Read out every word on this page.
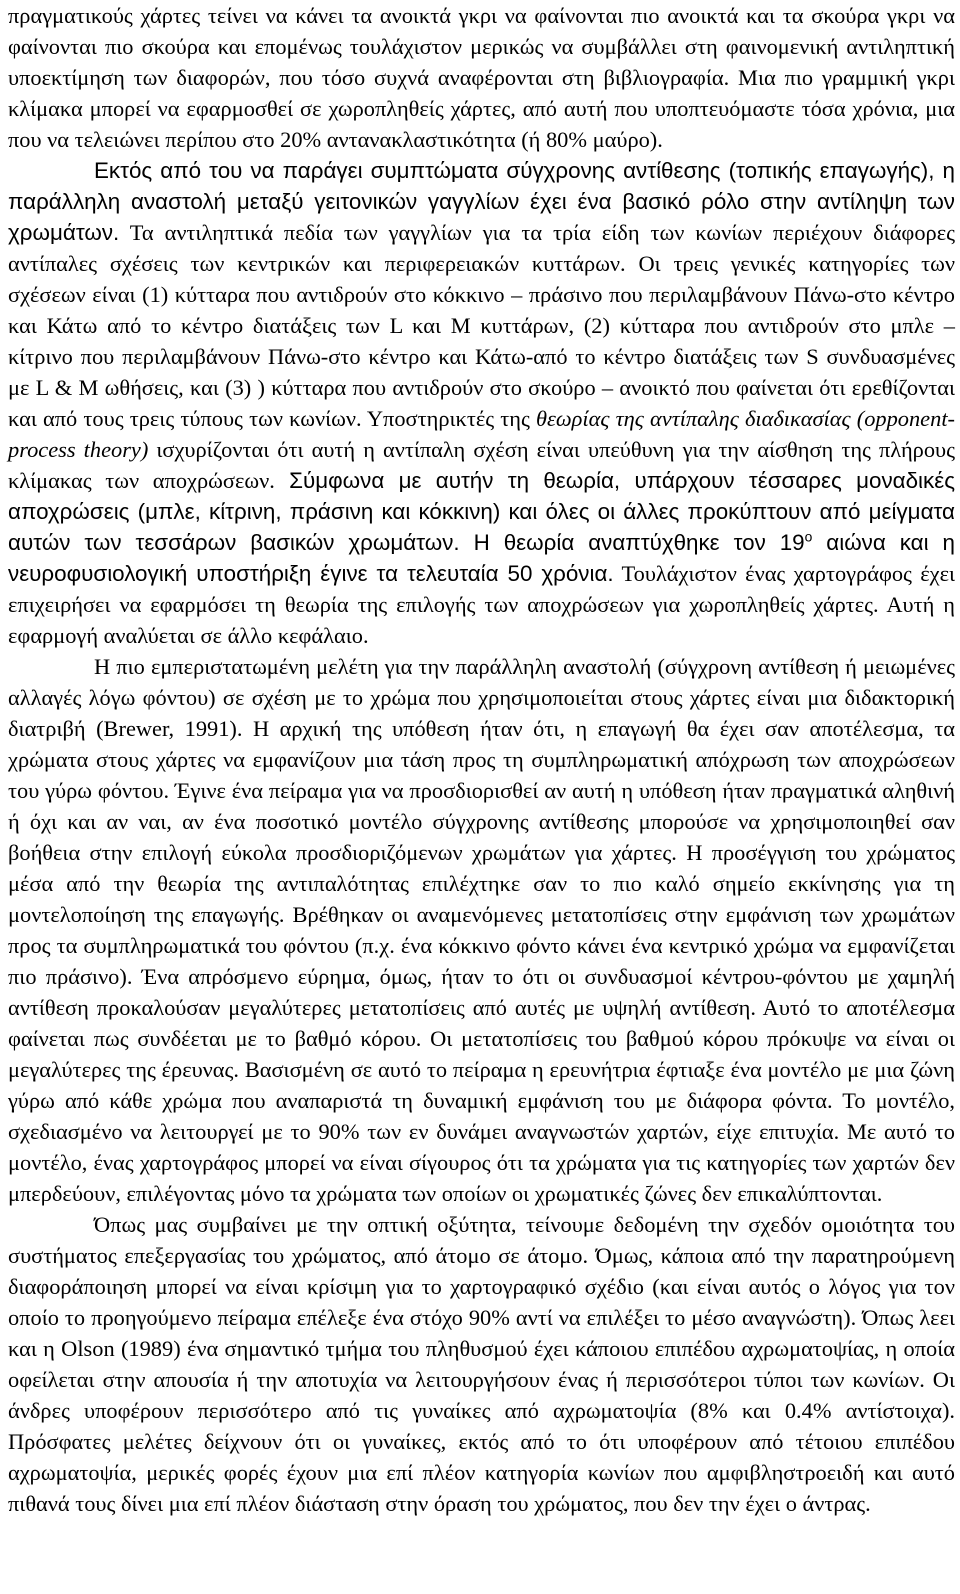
πραγματικούς χάρτες τείνει να κάνει τα ανοικτά γκρι να φαίνονται πιο ανοικτά και τα σκούρα γκρι να φαίνονται πιο σκούρα και επομένως τουλάχιστον μερικώς να συμβάλλει στη φαινομενική αντιληπτική υποεκτίμηση των διαφορών, που τόσο συχνά αναφέρονται στη βιβλιογραφία. Μια πιο γραμμική γκρι κλίμακα μπορεί να εφαρμοσθεί σε χωροπληθείς χάρτες, από αυτή που υποπτευόμαστε τόσα χρόνια, μια που να τελειώνει περίπου στο 20% αντανακλαστικότητα (ή 80% μαύρο).

Εκτός από του να παράγει συμπτώματα σύγχρονης αντίθεσης (τοπικής επαγωγής), η παράλληλη αναστολή μεταξύ γειτονικών γαγγλίων έχει ένα βασικό ρόλο στην αντίληψη των χρωμάτων. Τα αντιληπτικά πεδία των γαγγλίων για τα τρία είδη των κωνίων περιέχουν διάφορες αντίπαλες σχέσεις των κεντρικών και περιφερειακών κυττάρων. Οι τρεις γενικές κατηγορίες των σχέσεων είναι (1) κύτταρα που αντιδρούν στο κόκκινο – πράσινο που περιλαμβάνουν Πάνω-στο κέντρο και Κάτω από το κέντρο διατάξεις των L και M κυττάρων, (2) κύτταρα που αντιδρούν στο μπλε – κίτρινο που περιλαμβάνουν Πάνω-στο κέντρο και Κάτω-από το κέντρο διατάξεις των S συνδυασμένες με L & M ωθήσεις, και (3) ) κύτταρα που αντιδρούν στο σκούρο – ανοικτό που φαίνεται ότι ερεθίζονται και από τους τρεις τύπους των κωνίων. Υποστηρικτές της θεωρίας της αντίπαλης διαδικασίας (opponent-process theory) ισχυρίζονται ότι αυτή η αντίπαλη σχέση είναι υπεύθυνη για την αίσθηση της πλήρους κλίμακας των αποχρώσεων. Σύμφωνα με αυτήν τη θεωρία, υπάρχουν τέσσαρες μοναδικές αποχρώσεις (μπλε, κίτρινη, πράσινη και κόκκινη) και όλες οι άλλες προκύπτουν από μείγματα αυτών των τεσσάρων βασικών χρωμάτων. Η θεωρία αναπτύχθηκε τον $19^o$ αιώνα και η νευροφυσιολογική υποστήριξη έγινε τα τελευταία 50 χρόνια. Τουλάχιστον ένας χαρτογράφος έχει επιχειρήσει να εφαρμόσει τη θεωρία της επιλογής των αποχρώσεων για χωροπληθείς χάρτες. Αυτή η εφαρμογή αναλύεται σε άλλο κεφάλαιο.

Η πιο εμπεριστατωμένη μελέτη για την παράλληλη αναστολή (σύγχρονη αντίθεση ή μειωμένες αλλαγές λόγω φόντου) σε σχέση με το χρώμα που χρησιμοποιείται στους χάρτες είναι μια διδακτορική διατριβή (Brewer, 1991). Η αρχική της υπόθεση ήταν ότι, η επαγωγή θα έχει σαν αποτέλεσμα, τα χρώματα στους χάρτες να εμφανίζουν μια τάση προς τη συμπληρωματική απόχρωση των αποχρώσεων του γύρω φόντου. Έγινε ένα πείραμα για να προσδιορισθεί αν αυτή η υπόθεση ήταν πραγματικά αληθινή ή όχι και αν ναι, αν ένα ποσοτικό μοντέλο σύγχρονης αντίθεσης μπορούσε να χρησιμοποιηθεί σαν βοήθεια στην επιλογή εύκολα προσδιοριζόμενων χρωμάτων για χάρτες. Η προσέγγιση του χρώματος μέσα από την θεωρία της αντιπαλότητας επιλέχτηκε σαν το πιο καλό σημείο εκκίνησης για τη μοντελοποίηση της επαγωγής. Βρέθηκαν οι αναμενόμενες μετατοπίσεις στην εμφάνιση των χρωμάτων προς τα συμπληρωματικά του φόντου (π.χ. ένα κόκκινο φόντο κάνει ένα κεντρικό χρώμα να εμφανίζεται πιο πράσινο). Ένα απρόσμενο εύρημα, όμως, ήταν το ότι οι συνδυασμοί κέντρου-φόντου με χαμηλή αντίθεση προκαλούσαν μεγαλύτερες μετατοπίσεις από αυτές με υψηλή αντίθεση. Αυτό το αποτέλεσμα φαίνεται πως συνδέεται με το βαθμό κόρου. Οι μετατοπίσεις του βαθμού κόρου πρόκυψε να είναι οι μεγαλύτερες της έρευνας. Βασισμένη σε αυτό το πείραμα η ερευνήτρια έφτιαξε ένα μοντέλο με μια ζώνη γύρω από κάθε χρώμα που αναπαριστά τη δυναμική εμφάνιση του με διάφορα φόντα. Το μοντέλο, σχεδιασμένο να λειτουργεί με το 90% των εν δυνάμει αναγνωστών χαρτών, είχε επιτυχία. Με αυτό το μοντέλο, ένας χαρτογράφος μπορεί να είναι σίγουρος ότι τα χρώματα για τις κατηγορίες των χαρτών δεν μπερδεύουν, επιλέγοντας μόνο τα χρώματα των οποίων οι χρωματικές ζώνες δεν επικαλύπτονται.

Όπως μας συμβαίνει με την οπτική οξύτητα, τείνουμε δεδομένη την σχεδόν ομοιότητα του συστήματος επεξεργασίας του χρώματος, από άτομο σε άτομο. Όμως, κάποια από την παρατηρούμενη διαφοράποιηση μπορεί να είναι κρίσιμη για το χαρτογραφικό σχέδιο (και είναι αυτός ο λόγος για τον οποίο το προηγούμενο πείραμα επέλεξε ένα στόχο 90% αντί να επιλέξει το μέσο αναγνώστη). Όπως λεει και η Olson (1989) ένα σημαντικό τμήμα του πληθυσμού έχει κάποιου επιπέδου αχρωματοψίας, η οποία οφείλεται στην απουσία ή την αποτυχία να λειτουργήσουν ένας ή περισσότεροι τύποι των κωνίων. Οι άνδρες υποφέρουν περισσότερο από τις γυναίκες από αχρωματοψία (8% και 0.4% αντίστοιχα). Πρόσφατες μελέτες δείχνουν ότι οι γυναίκες, εκτός από το ότι υποφέρουν από τέτοιου επιπέδου αχρωματοψία, μερικές φορές έχουν μια επί πλέον κατηγορία κωνίων που αμφιβληστροειδή και αυτό πιθανά τους δίνει μια επί πλέον διάσταση στην όραση του χρώματος, που δεν την έχει ο άντρας.
